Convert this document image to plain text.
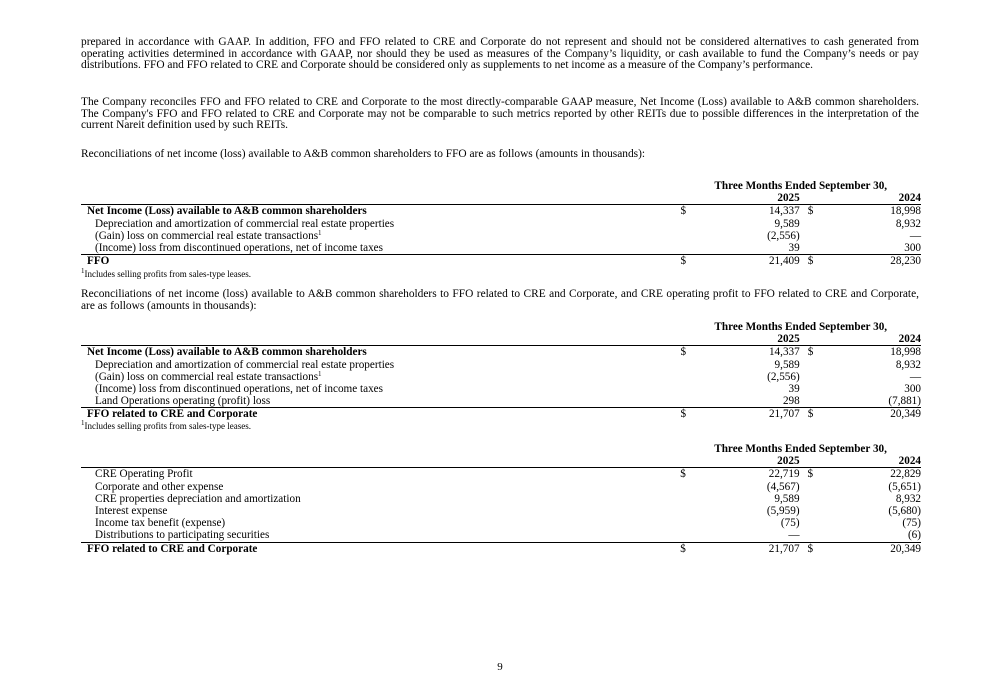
prepared in accordance with GAAP. In addition, FFO and FFO related to CRE and Corporate do not represent and should not be considered alternatives to cash generated from operating activities determined in accordance with GAAP, nor should they be used as measures of the Company’s liquidity, or cash available to fund the Company’s needs or pay distributions. FFO and FFO related to CRE and Corporate should be considered only as supplements to net income as a measure of the Company’s performance.

The Company reconciles FFO and FFO related to CRE and Corporate to the most directly-comparable GAAP measure, Net Income (Loss) available to A&B common shareholders. The Company's FFO and FFO related to CRE and Corporate may not be comparable to such metrics reported by other REITs due to possible differences in the interpretation of the current Nareit definition used by such REITs.

Reconciliations of net income (loss) available to A&B common shareholders to FFO are as follows (amounts in thousands):

	Three Months Ended September 30,			
		2025		2024
Net Income (Loss) available to A&B common shareholders	$	14,337	$	18,998
Depreciation and amortization of commercial real estate properties		9,589		8,932
(Gain) loss on commercial real estate transactions$^1$		(2,556)		—
(Income) loss from discontinued operations, net of income taxes		39		300
FFO	$	21,409	$	28,230
$^1$Includes selling profits from sales-type leases.

Reconciliations of net income (loss) available to A&B common shareholders to FFO related to CRE and Corporate, and CRE operating profit to FFO related to CRE and Corporate, are as follows (amounts in thousands):

	Three Months Ended September 30,			
		2025		2024
Net Income (Loss) available to A&B common shareholders	$	14,337	$	18,998
Depreciation and amortization of commercial real estate properties		9,589		8,932
(Gain) loss on commercial real estate transactions$^1$		(2,556)		—
(Income) loss from discontinued operations, net of income taxes		39		300
Land Operations operating (profit) loss		298		(7,881)
FFO related to CRE and Corporate	$	21,707	$	20,349
$^1$Includes selling profits from sales-type leases.
	Three Months Ended September 30,			
		2025		2024
CRE Operating Profit	$	22,719	$	22,829
Corporate and other expense		(4,567)		(5,651)
CRE properties depreciation and amortization		9,589		8,932
Interest expense		(5,959)		(5,680)
Income tax benefit (expense)		(75)		(75)
Distributions to participating securities		—		(6)
FFO related to CRE and Corporate	$	21,707	$	20,349
9
